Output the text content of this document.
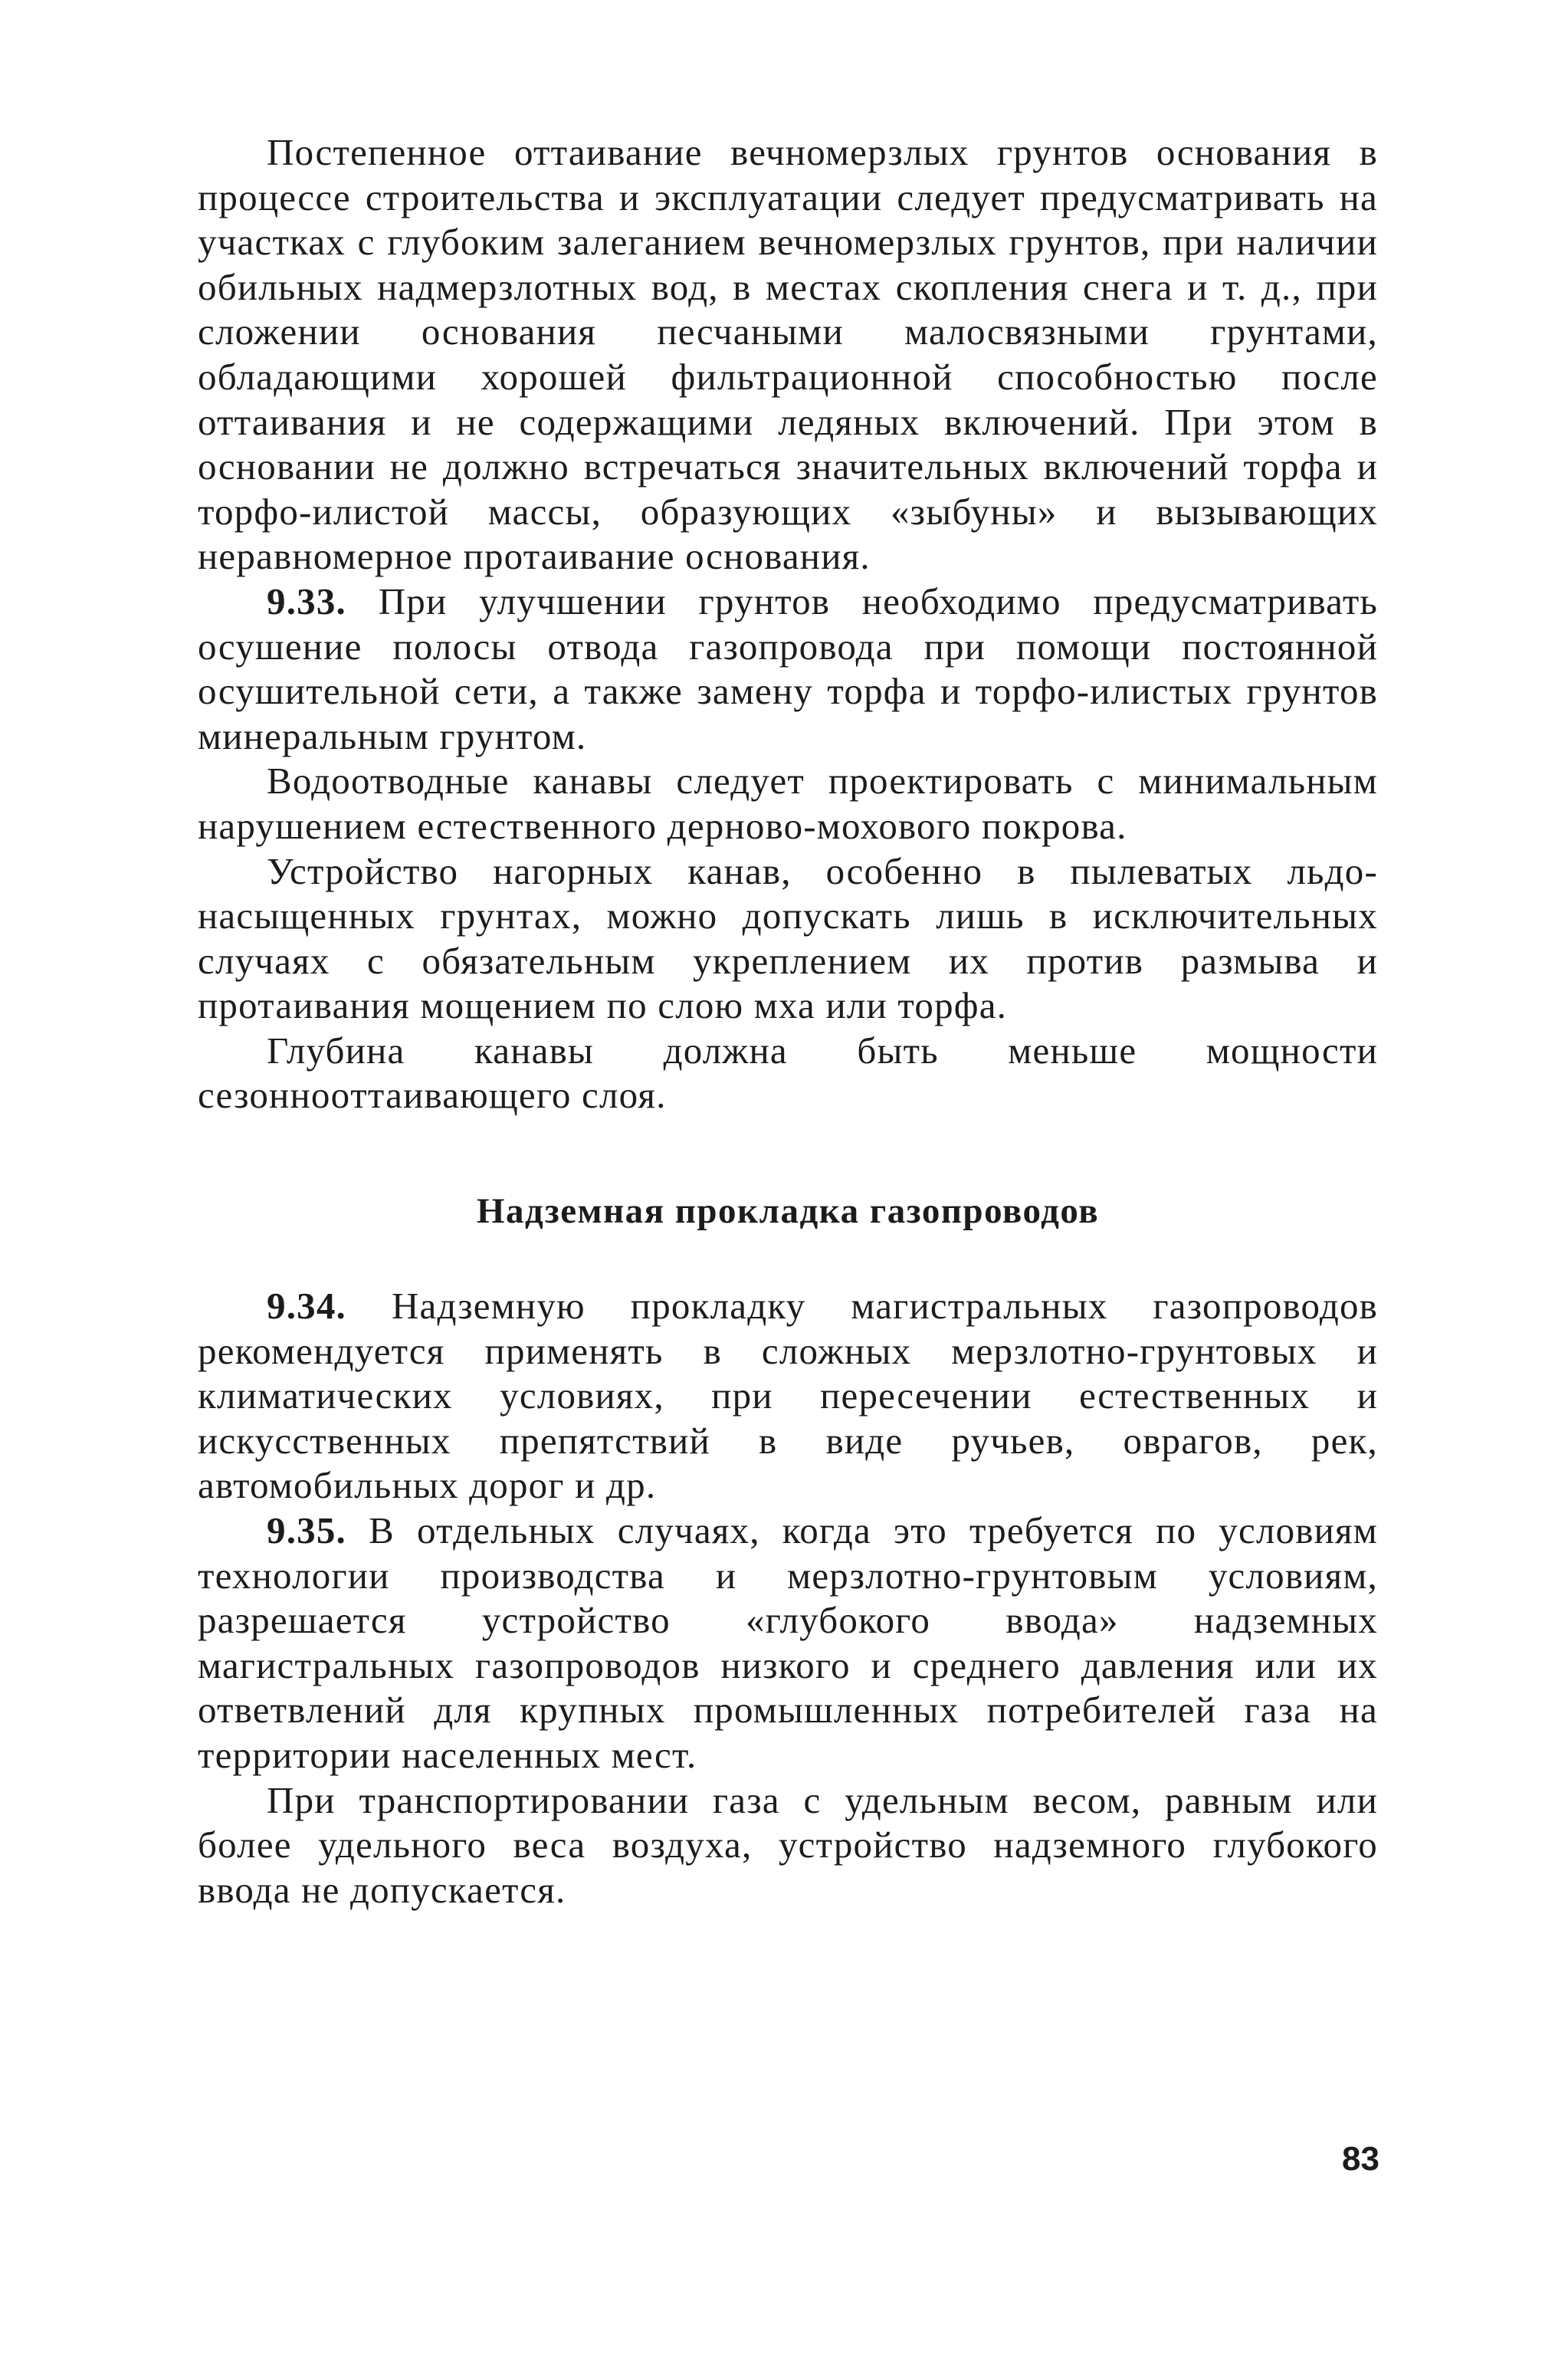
Постепенное оттаивание вечномерзлых грунтов основания в процессе строительства и эксплуатации следует предусматривать на участках с глубоким залеганием вечномерзлых грунтов, при наличии обильных надмерзлотных вод, в местах скопления снега и т. д., при сложении основания песчаными малосвязными грунтами, обладающими хорошей фильтрационной способностью после оттаивания и не содержащими ледяных включений. При этом в основании не должно встречаться значительных включений торфа и торфо-илистой массы, образующих «зыбуны» и вызывающих неравномерное протаивание основания.

9.33. При улучшении грунтов необходимо предусматривать осушение полосы отвода газопровода при помощи постоянной осушительной сети, а также замену торфа и торфо-илистых грунтов минеральным грунтом.

Водоотводные канавы следует проектировать с минимальным нарушением естественного дерново-мохового покрова.

Устройство нагорных канав, особенно в пылеватых льдо-насыщенных грунтах, можно допускать лишь в исключительных случаях с обязательным укреплением их против размыва и протаивания мощением по слою мха или торфа.

Глубина канавы должна быть меньше мощности сезонноoттаивающего слоя.

Надземная прокладка газопроводов

9.34. Надземную прокладку магистральных газопроводов рекомендуется применять в сложных мерзлотно-грунтовых и климатических условиях, при пересечении естественных и искусственных препятствий в виде ручьев, оврагов, рек, автомобильных дорог и др.

9.35. В отдельных случаях, когда это требуется по условиям технологии производства и мерзлотно-грунтовым условиям, разрешается устройство «глубокого ввода» надземных магистральных газопроводов низкого и среднего давления или их ответвлений для крупных промышленных потребителей газа на территории населенных мест.

При транспортировании газа с удельным весом, равным или более удельного веса воздуха, устройство надземного глубокого ввода не допускается.

83
